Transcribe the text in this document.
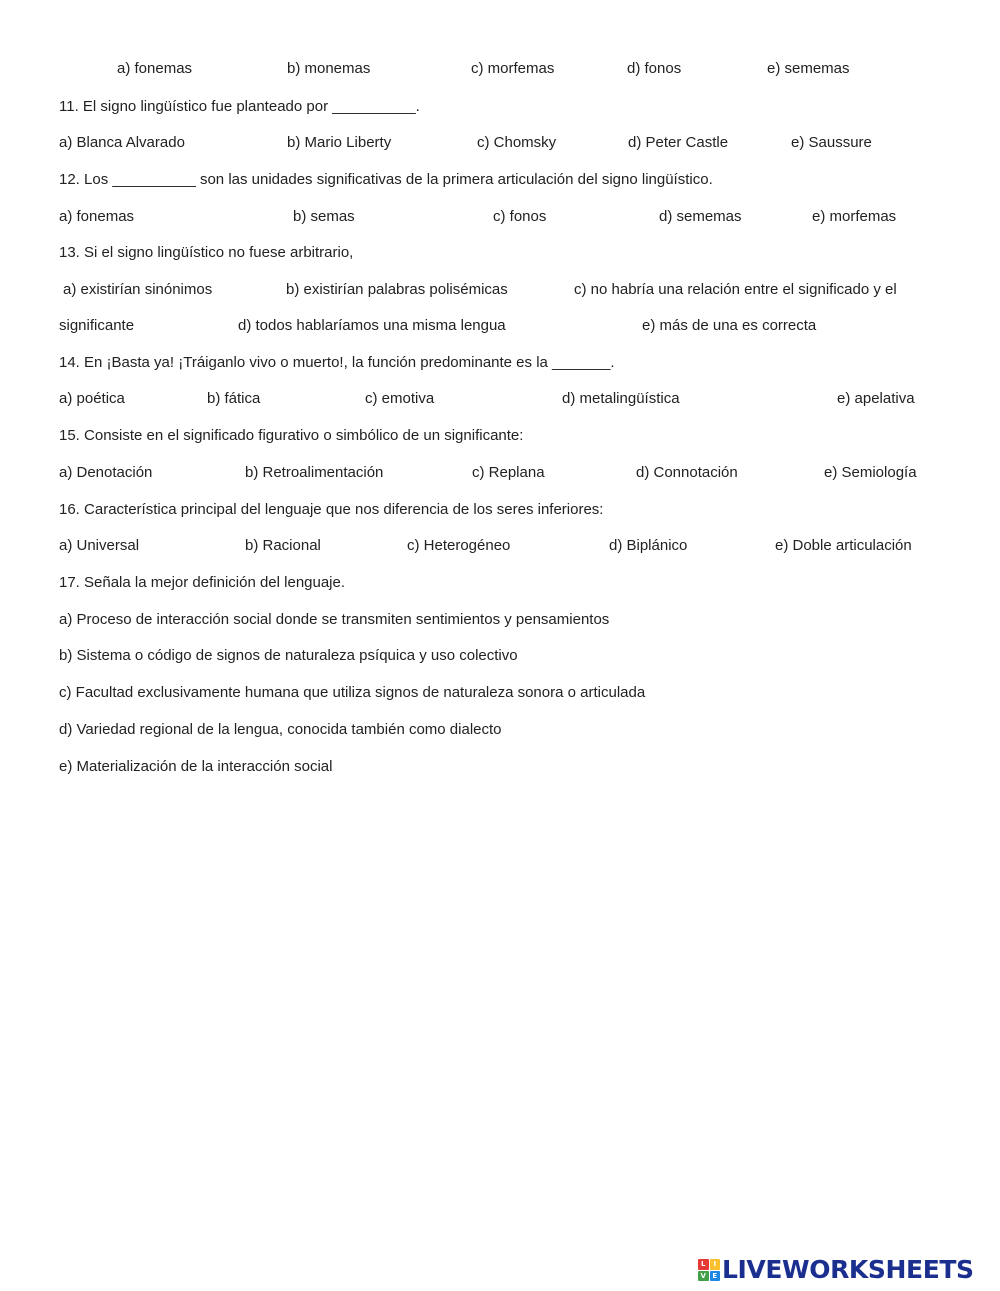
a) fonemas	b) monemas	c) morfemas	d) fonos	e) sememas
11. El signo lingüístico fue planteado por __________.
a) Blanca Alvarado	b) Mario Liberty	c) Chomsky	d) Peter Castle	e) Saussure
12. Los __________ son las unidades significativas de la primera articulación del signo lingüístico.
a) fonemas	b) semas	c) fonos	d) sememas	e) morfemas
13. Si el signo lingüístico no fuese arbitrario,
a) existirían sinónimos	b) existirían palabras polisémicas	c) no habría una relación entre el significado y el
significante	d) todos hablaríamos una misma lengua	e) más de una es correcta
14. En ¡Basta ya! ¡Tráiganlo vivo o muerto!, la función predominante es la _______.
a) poética	b) fática	c) emotiva	d) metalingüística	e) apelativa
15. Consiste en el significado figurativo o simbólico de un significante:
a) Denotación	b) Retroalimentación	c) Replana	d) Connotación	e) Semiología
16. Característica principal del lenguaje que nos diferencia de los seres inferiores:
a) Universal	b) Racional	c) Heterogéneo	d) Biplánico	e) Doble articulación
17. Señala la mejor definición del lenguaje.
a) Proceso de interacción social donde se transmiten sentimientos y pensamientos
b) Sistema o código de signos de naturaleza psíquica y uso colectivo
c) Facultad exclusivamente humana que utiliza signos de naturaleza sonora o articulada
d) Variedad regional de la lengua, conocida también como dialecto
e) Materialización de la interacción social
L	I
V E LIVEWORKSHEETS
